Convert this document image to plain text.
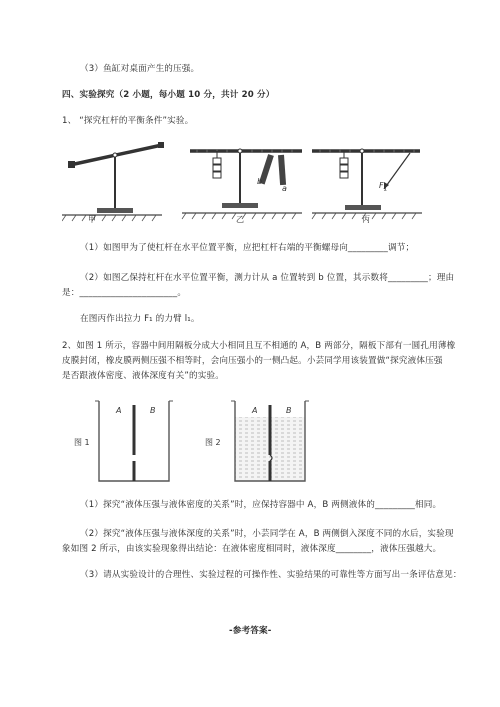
（3）鱼缸对桌面产生的压强。
四、实验探究（2 小题，每小题 10 分，共计 20 分）
1、 “探究杠杆的平衡条件”实验。
甲	乙	丙
b
a	$F_1$
（1）如图甲为了使杠杆在水平位置平衡，应把杠杆右端的平衡螺母向_________调节；
（2）如图乙保持杠杆在水平位置平衡，测力计从 a 位置转到 b 位置，其示数将_________；理由
是：______________________。
在图丙作出拉力 F₁ 的力臂 l₁。
2、如图 1 所示，容器中间用隔板分成大小相同且互不相通的 A，B 两部分，隔板下部有一圆孔用薄橡
皮膜封闭，橡皮膜两侧压强不相等时，会向压强小的一侧凸起。小芸同学用该装置做“探究液体压强
是否跟液体密度、液体深度有关”的实验。
A	B	A	B
图 1	图 2
（1）探究“液体压强与液体密度的关系”时，应保持容器中 A，B 两侧液体的_________相同。
（2）探究“液体压强与液体深度的关系”时，小芸同学在 A，B 两侧倒入深度不同的水后，实验现
象如图 2 所示，由该实验现象得出结论：在液体密度相同时，液体深度________，液体压强越大。
（3）请从实验设计的合理性、实验过程的可操作性、实验结果的可靠性等方面写出一条评估意见：
-参考答案-
